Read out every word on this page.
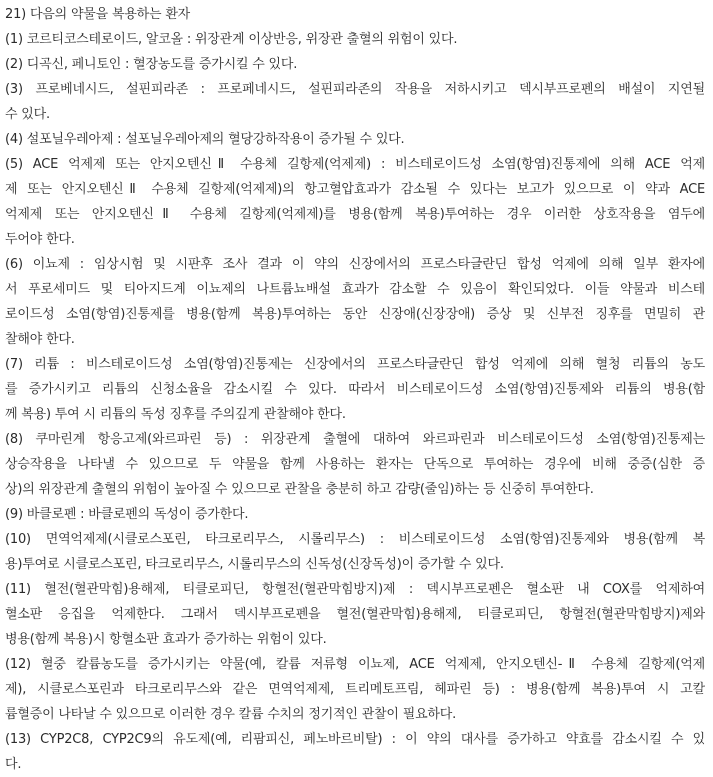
21) 다음의 약물을 복용하는 환자
(1) 코르티코스테로이드, 알코올 : 위장관계 이상반응, 위장관 출혈의 위험이 있다.
(2) 디곡신, 페니토인 : 혈장농도를 증가시킬 수 있다.
(3) 프로베네시드, 설핀피라존 : 프로페네시드, 설핀피라존의 작용을 저하시키고 덱시부프로펜의 배설이 지연될
수 있다.
(4) 설포닐우레아제 : 설포닐우레아제의 혈당강하작용이 증가될 수 있다.
(5) ACE 억제제 또는 안지오텐신Ⅱ 수용체 길항제(억제제) : 비스테로이드성 소염(항염)진통제에 의해 ACE 억제
제 또는 안지오텐신Ⅱ 수용체 길항제(억제제)의 항고혈압효과가 감소될 수 있다는 보고가 있으므로 이 약과 ACE
억제제 또는 안지오텐신Ⅱ 수용체 길항제(억제제)를 병용(함께 복용)투여하는 경우 이러한 상호작용을 염두에
두어야 한다.
(6) 이뇨제 : 임상시험 및 시판후 조사 결과 이 약의 신장에서의 프로스타글란딘 합성 억제에 의해 일부 환자에
서 푸로세미드 및 티아지드계 이뇨제의 나트륨뇨배설 효과가 감소할 수 있음이 확인되었다. 이들 약물과 비스테
로이드성 소염(항염)진통제를 병용(함께 복용)투여하는 동안 신장애(신장장애) 증상 및 신부전 징후를 면밀히 관
찰해야 한다.
(7) 리튬 : 비스테로이드성 소염(항염)진통제는 신장에서의 프로스타글란딘 합성 억제에 의해 혈청 리튬의 농도
를 증가시키고 리튬의 신청소율을 감소시킬 수 있다. 따라서 비스테로이드성 소염(항염)진통제와 리튬의 병용(함
께 복용) 투여 시 리튬의 독성 징후를 주의깊게 관찰해야 한다.
(8) 쿠마린계 항응고제(와르파린 등) : 위장관계 출혈에 대하여 와르파린과 비스테로이드성 소염(항염)진통제는
상승작용을 나타낼 수 있으므로 두 약물을 함께 사용하는 환자는 단독으로 투여하는 경우에 비해 중증(심한 증
상)의 위장관계 출혈의 위험이 높아질 수 있으므로 관찰을 충분히 하고 감량(줄임)하는 등 신중히 투여한다.
(9) 바클로펜 : 바클로펜의 독성이 증가한다.
(10) 면역억제제(시클로스포린, 타크로리무스, 시롤리무스) : 비스테로이드성 소염(항염)진통제와 병용(함께 복
용)투여로 시클로스포린, 타크로리무스, 시롤리무스의 신독성(신장독성)이 증가할 수 있다.
(11) 혈전(혈관막힘)용해제, 티클로피딘, 항혈전(혈관막힘방지)제 : 덱시부프로펜은 혈소판 내 COX를 억제하여
혈소판 응집을 억제한다. 그래서 덱시부프로펜을 혈전(혈관막힘)용해제, 티클로피딘, 항혈전(혈관막힘방지)제와
병용(함께 복용)시 항혈소판 효과가 증가하는 위험이 있다.
(12) 혈중 칼륨농도를 증가시키는 약물(예, 칼륨 저류형 이뇨제, ACE 억제제, 안지오텐신-Ⅱ 수용체 길항제(억제
제), 시클로스포린과 타크로리무스와 같은 면역억제제, 트리메토프림, 헤파린 등) : 병용(함께 복용)투여 시 고칼
륨혈증이 나타날 수 있으므로 이러한 경우 칼륨 수치의 정기적인 관찰이 필요하다.
(13) CYP2C8, CYP2C9의 유도제(예, 리팜피신, 페노바르비탈) : 이 약의 대사를 증가하고 약효를 감소시킬 수 있
다.
